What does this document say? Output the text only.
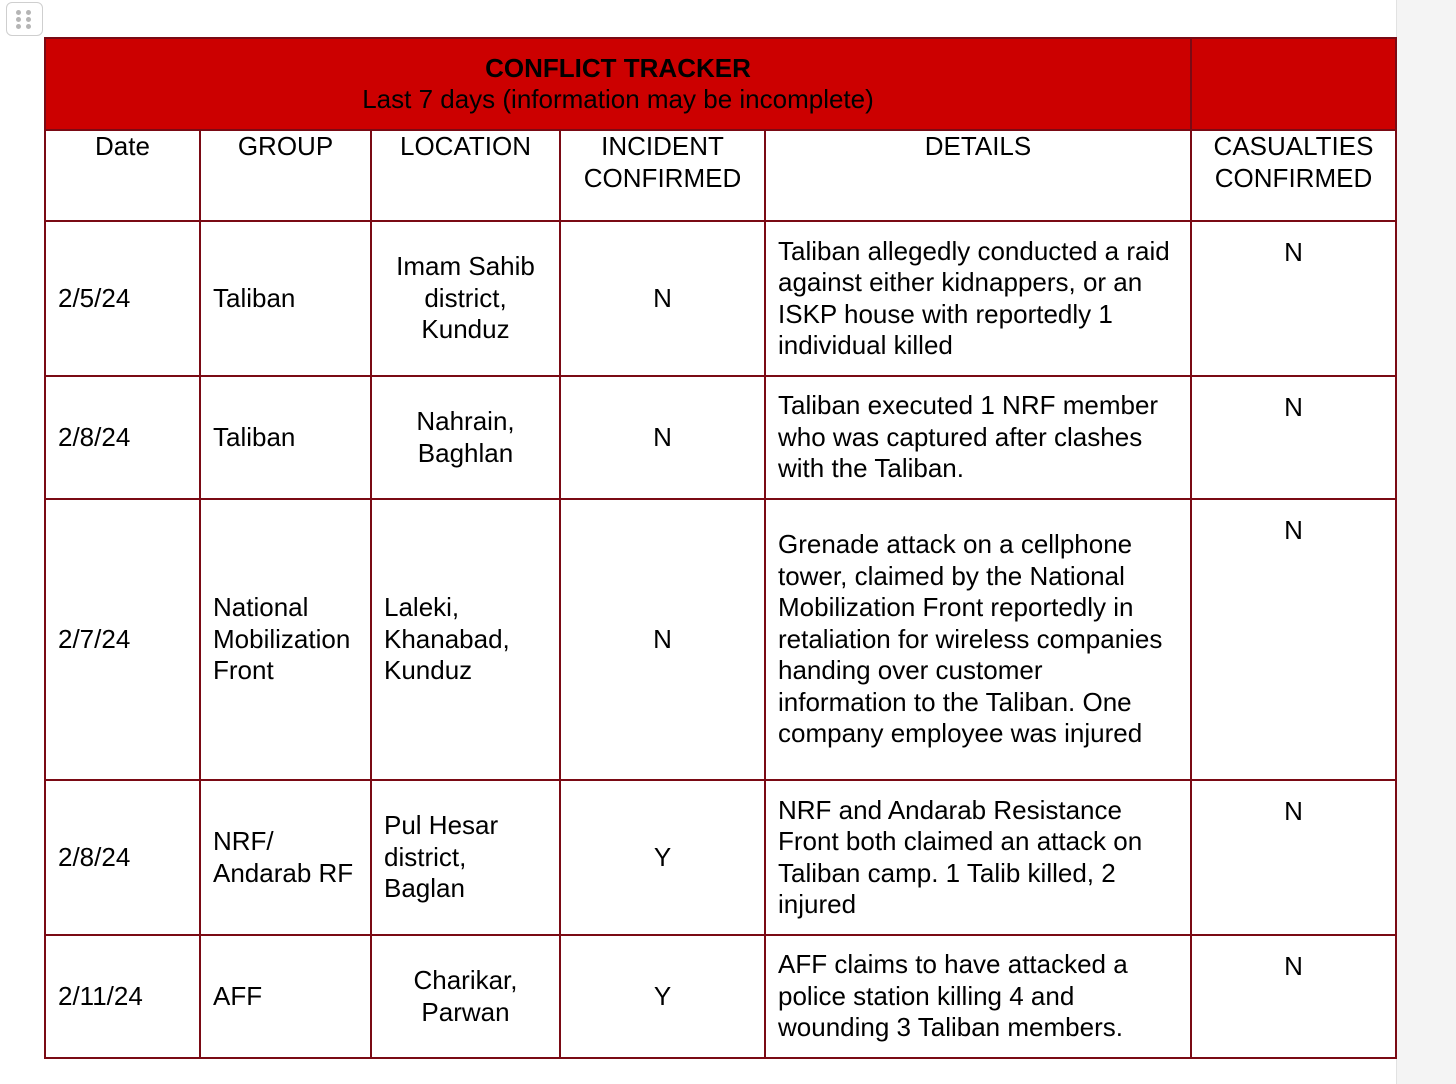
CONFLICT TRACKER
Last 7 days (information may be incomplete)					

Date	GROUP	LOCATION	INCIDENT CONFIRMED	DETAILS	CASUALTIES CONFIRMED
2/5/24	Taliban	Imam Sahib district, Kunduz	N	Taliban allegedly conducted a raid against either kidnappers, or an ISKP house with reportedly 1 individual killed	N
2/8/24	Taliban	Nahrain, Baghlan	N	Taliban executed 1 NRF member who was captured after clashes with the Taliban.	N
2/7/24	National Mobilization Front	Laleki, Khanabad, Kunduz	N	Grenade attack on a cellphone tower, claimed by the National Mobilization Front reportedly in retaliation for wireless companies handing over customer information to the Taliban. One company employee was injured	N
2/8/24	NRF/ Andarab RF	Pul Hesar district, Baglan	Y	NRF and Andarab Resistance Front both claimed an attack on Taliban camp. 1 Talib killed, 2 injured	N
2/11/24	AFF	Charikar, Parwan	Y	AFF claims to have attacked a police station killing 4 and wounding 3 Taliban members.	N
